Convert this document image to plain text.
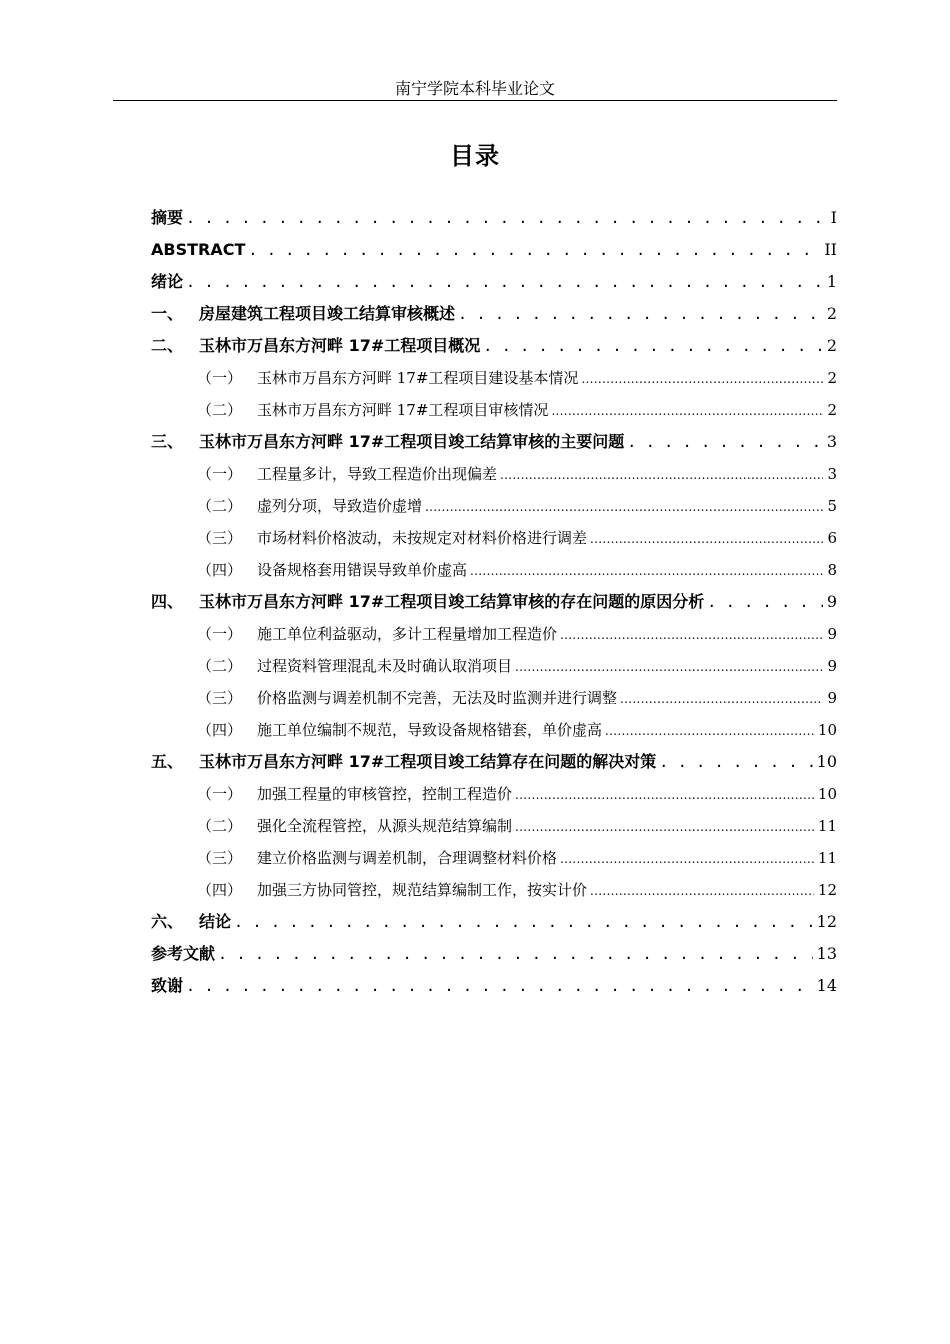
南宁学院本科毕业论文
目录
摘要 . . .	I
ABSTRACT . . .	II
绪论 . . .	1
一、 房屋建筑工程项目竣工结算审核概述 . . .	2
二、 玉林市万昌东方河畔 17#工程项目概况 . . .	2
（一） 玉林市万昌东方河畔 17#工程项目建设基本情况 .....	2
（二） 玉林市万昌东方河畔 17#工程项目审核情况 .....	2
三、 玉林市万昌东方河畔 17#工程项目竣工结算审核的主要问题 . . .	3
（一） 工程量多计，导致工程造价出现偏差 .....	3
（二） 虚列分项，导致造价虚增 .....	5
（三） 市场材料价格波动，未按规定对材料价格进行调差 .....	6
（四） 设备规格套用错误导致单价虚高 .....	8
四、 玉林市万昌东方河畔 17#工程项目竣工结算审核的存在问题的原因分析 . . .	9
（一） 施工单位利益驱动，多计工程量增加工程造价 .....	9
（二） 过程资料管理混乱未及时确认取消项目 .....	9
（三） 价格监测与调差机制不完善，无法及时监测并进行调整 .....	9
（四） 施工单位编制不规范，导致设备规格错套，单价虚高 .....	10
五、 玉林市万昌东方河畔 17#工程项目竣工结算存在问题的解决对策 . . .	10
（一） 加强工程量的审核管控，控制工程造价 .....	10
（二） 强化全流程管控，从源头规范结算编制 .....	11
（三） 建立价格监测与调差机制，合理调整材料价格 .....	11
（四） 加强三方协同管控，规范结算编制工作，按实计价 .....	12
六、 结论 . . .	12
参考文献 . . .	13
致谢 . . .	14
